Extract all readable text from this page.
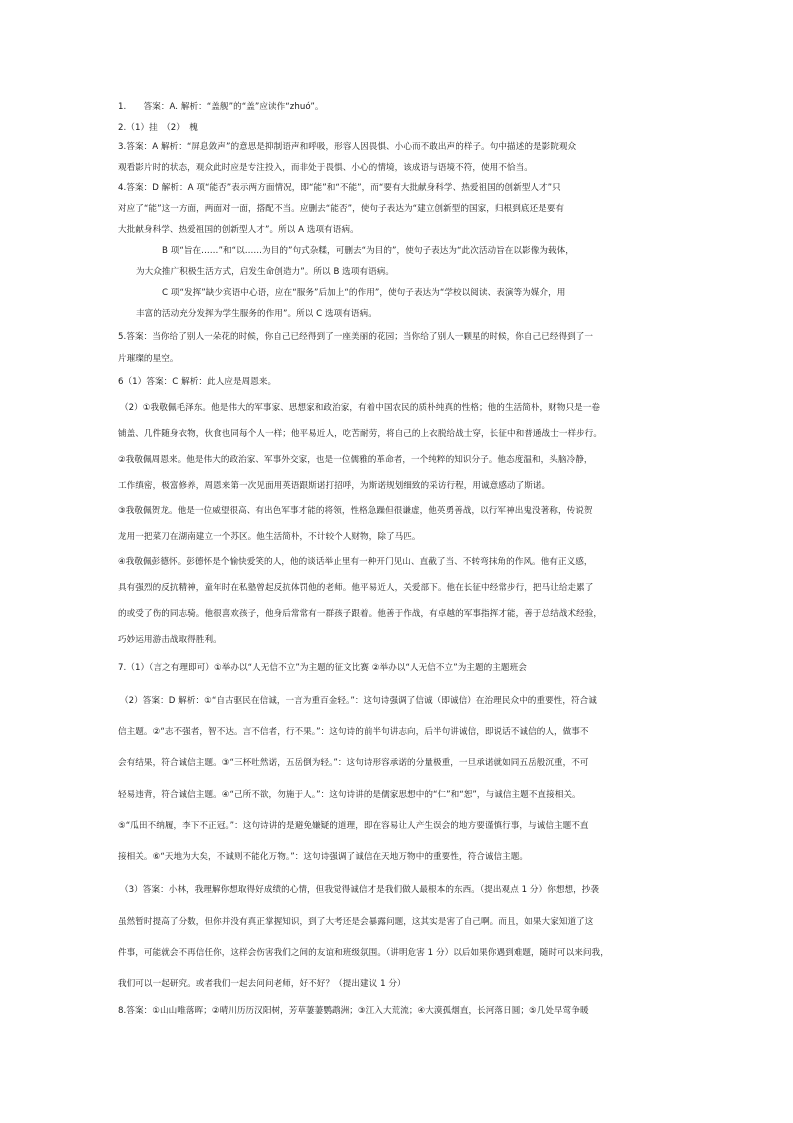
1.　　答案：A. 解析：“盖舰”的“盖”应读作“zhuó”。
2.（1）挂　（2）　槐
3.答案：A 解析：“屏息敛声”的意思是抑制语声和呼吸，形容人因畏惧、小心而不敢出声的样子。句中描述的是影院观众
观看影片时的状态，观众此时应是专注投入，而非处于畏惧、小心的情境，该成语与语境不符，使用不恰当。
4.答案：D 解析：A 项“能否”表示两方面情况，即“能”和“不能”，而“要有大批献身科学、热爱祖国的创新型人才”只
对应了“能”这一方面，两面对一面，搭配不当。应删去“能否”，使句子表达为“建立创新型的国家，归根到底还是要有
大批献身科学、热爱祖国的创新型人才”。所以 A 选项有语病。
B 项“旨在……”和“以……为目的”句式杂糅，可删去“为目的”，使句子表达为“此次活动旨在以影像为载体，
为大众推广积极生活方式，启发生命创造力”。所以 B 选项有语病。
C 项“发挥”缺少宾语中心语，应在“服务”后加上“的作用”，使句子表达为“学校以阅读、表演等为媒介，用
丰富的活动充分发挥为学生服务的作用”。所以 C 选项有语病。
5.答案：当你给了别人一朵花的时候，你自己已经得到了一座美丽的花园；当你给了别人一颗星的时候，你自己已经得到了一
片璀璨的星空。
6（1）答案：C 解析：此人应是周恩来。
（2）①我敬佩毛泽东。他是伟大的军事家、思想家和政治家，有着中国农民的质朴纯真的性格；他的生活简朴，财物只是一卷
铺盖、几件随身衣物，伙食也同每个人一样；他平易近人，吃苦耐劳，将自己的上衣脱给战士穿，长征中和普通战士一样步行。
②我敬佩周恩来。他是伟大的政治家、军事外交家，也是一位儒雅的革命者，一个纯粹的知识分子。他态度温和，头脑冷静，
工作缜密，极富修养，周恩来第一次见面用英语跟斯诺打招呼，为斯诺规划细致的采访行程，用诚意感动了斯诺。
③我敬佩贺龙。他是一位威望很高、有出色军事才能的将领，性格急躁但很谦虚，他英勇善战，以行军神出鬼没著称，传说贺
龙用一把菜刀在湖南建立一个苏区。他生活简朴，不计较个人财物，除了马匹。
④我敬佩彭德怀。彭德怀是个愉快爱笑的人，他的谈话举止里有一种开门见山、直截了当、不转弯抹角的作风。他有正义感，
具有强烈的反抗精神，童年时在私塾曾起反抗体罚他的老师。他平易近人，关爱部下。他在长征中经常步行，把马让给走累了
的或受了伤的同志骑。他很喜欢孩子，他身后常常有一群孩子跟着。他善于作战，有卓越的军事指挥才能，善于总结战术经验，
巧妙运用游击战取得胜利。
7.（1）（言之有理即可）①举办以“人无信不立”为主题的征文比赛 ②举办以“人无信不立”为主题的主题班会
（2）答案：D 解析：①“自古驱民在信诚，一言为重百金轻。”：这句诗强调了信诚（即诚信）在治理民众中的重要性，符合诚
信主题。②“志不强者，智不达。言不信者，行不果。”：这句诗的前半句讲志向，后半句讲诚信，即说话不诚信的人，做事不
会有结果，符合诚信主题。③“三杯吐然诺，五岳倒为轻。”：这句诗形容承诺的分量极重，一旦承诺就如同五岳般沉重，不可
轻易违背，符合诚信主题。④“己所不欲，勿施于人。”：这句诗讲的是儒家思想中的“仁”和“恕”，与诚信主题不直接相关。
⑤“瓜田不纳履，李下不正冠。”：这句诗讲的是避免嫌疑的道理，即在容易让人产生误会的地方要谨慎行事，与诚信主题不直
接相关。⑥“天地为大矣，不诚则不能化万物。”：这句诗强调了诚信在天地万物中的重要性，符合诚信主题。
（3）答案：小林，我理解你想取得好成绩的心情，但我觉得诚信才是我们做人最根本的东西。（提出观点 1 分）你想想，抄袭
虽然暂时提高了分数，但你并没有真正掌握知识，到了大考还是会暴露问题，这其实是害了自己啊。而且，如果大家知道了这
件事，可能就会不再信任你，这样会伤害我们之间的友谊和班级氛围。（讲明危害 1 分）以后如果你遇到难题，随时可以来问我，
我们可以一起研究。或者我们一起去问问老师，好不好？（提出建议 1 分）
8.答案：①山山唯落晖；②晴川历历汉阳树，芳草萋萋鹦鹉洲；③江入大荒流；④大漠孤烟直，长河落日圆；⑤几处早莺争暖
